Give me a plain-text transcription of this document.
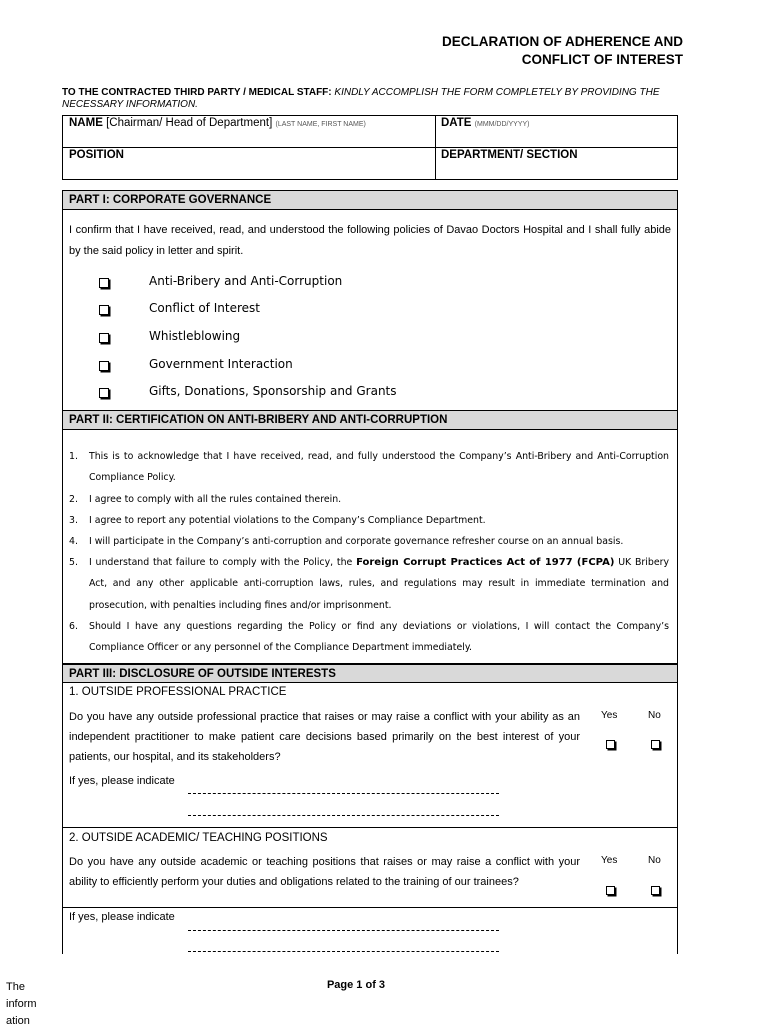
DECLARATION OF ADHERENCE AND
CONFLICT OF INTEREST
TO THE CONTRACTED THIRD PARTY / MEDICAL STAFF: KINDLY ACCOMPLISH THE FORM COMPLETELY BY PROVIDING THE NECESSARY INFORMATION.
NAME [Chairman/ Head of Department] (LAST NAME, FIRST NAME)	DATE (MMM/DD/YYYY)
POSITION	DEPARTMENT/ SECTION
PART I: CORPORATE GOVERNANCE
I confirm that I have received, read, and understood the following policies of Davao Doctors Hospital and I shall fully abide by the said policy in letter and spirit.
Anti-Bribery and Anti-Corruption
Conflict of Interest
Whistleblowing
Government Interaction
Gifts, Donations, Sponsorship and Grants
PART II: CERTIFICATION ON ANTI-BRIBERY AND ANTI-CORRUPTION
1. This is to acknowledge that I have received, read, and fully understood the Company’s Anti-Bribery and Anti-Corruption Compliance Policy.
2. I agree to comply with all the rules contained therein.
3. I agree to report any potential violations to the Company’s Compliance Department.
4. I will participate in the Company’s anti-corruption and corporate governance refresher course on an annual basis.
5. I understand that failure to comply with the Policy, the Foreign Corrupt Practices Act of 1977 (FCPA) UK Bribery Act, and any other applicable anti-corruption laws, rules, and regulations may result in immediate termination and prosecution, with penalties including fines and/or imprisonment.
6. Should I have any questions regarding the Policy or find any deviations or violations, I will contact the Company’s Compliance Officer or any personnel of the Compliance Department immediately.
PART III: DISCLOSURE OF OUTSIDE INTERESTS
1. OUTSIDE PROFESSIONAL PRACTICE
Do you have any outside professional practice that raises or may raise a conflict with your ability as an independent practitioner to make patient care decisions based primarily on the best interest of your patients, our hospital, and its stakeholders?
Yes	No
If yes, please indicate
2. OUTSIDE ACADEMIC/ TEACHING POSITIONS
Do you have any outside academic or teaching positions that raises or may raise a conflict with your ability to efficiently perform your duties and obligations related to the training of our trainees?
Yes	No
If yes, please indicate
Page 1 of 3
The
inform
ation
